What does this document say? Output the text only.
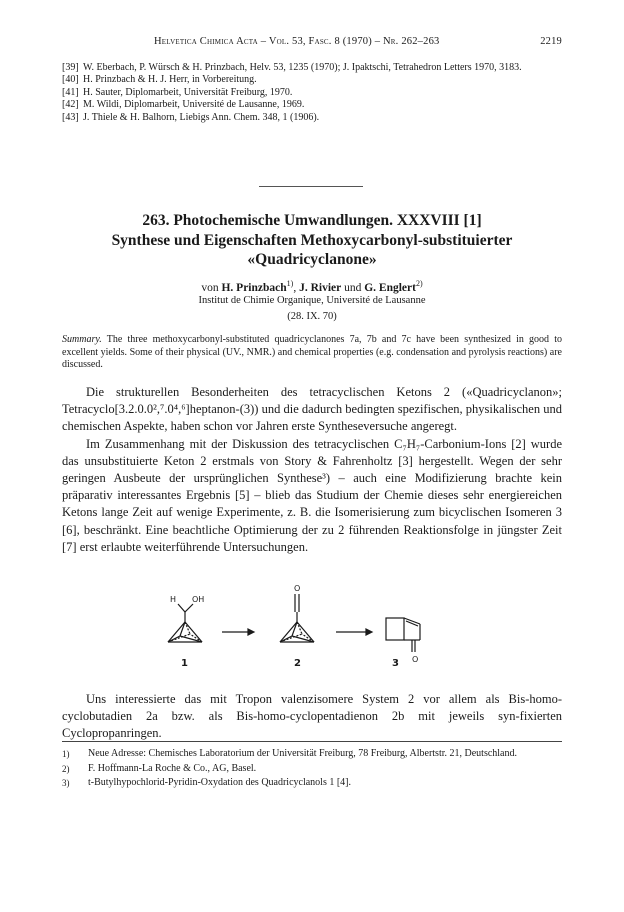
Helvetica Chimica Acta – Vol. 53, Fasc. 8 (1970) – Nr. 262–263	2219
[39] W. Eberbach, P. Würsch & H. Prinzbach, Helv. 53, 1235 (1970); J. Ipaktschi, Tetrahedron Letters 1970, 3183.
[40] H. Prinzbach & H. J. Herr, in Vorbereitung.
[41] H. Sauter, Diplomarbeit, Universität Freiburg, 1970.
[42] M. Wildi, Diplomarbeit, Université de Lausanne, 1969.
[43] J. Thiele & H. Balhorn, Liebigs Ann. Chem. 348, 1 (1906).
263. Photochemische Umwandlungen. XXXVIII [1]
Synthese und Eigenschaften Methoxycarbonyl-substituierter
«Quadricyclanone»
von H. Prinzbach$^{1)}$, J. Rivier und G. Englert$^{2)}$
Institut de Chimie Organique, Université de Lausanne
(28. IX. 70)
Summary. The three methoxycarbonyl-substituted quadricyclanones 7a, 7b and 7c have been synthesized in good to excellent yields. Some of their physical (UV., NMR.) and chemical properties (e.g. condensation and pyrolysis reactions) are discussed.

Die strukturellen Besonderheiten des tetracyclischen Ketons 2 («Quadricyclanon»; Tetracyclo[3.2.0.0²,⁷.0⁴,⁶]heptanon-(3)) und die dadurch bedingten spezifischen, physikalischen und chemischen Aspekte, haben schon vor Jahren erste Syntheseversuche angeregt.

Im Zusammenhang mit der Diskussion des tetracyclischen C₇H₇-Carbonium-Ions [2] wurde das unsubstituierte Keton 2 erstmals von Story & Fahrenholtz [3] hergestellt. Wegen der sehr geringen Ausbeute der ursprünglichen Synthese³) – auch eine Modifizierung brachte kein präparativ interessantes Ergebnis [5] – blieb das Studium der Chemie dieses sehr energiereichen Ketons lange Zeit auf wenige Experimente, z. B. die Isomerisierung zum bicyclischen Isomeren 3 [6], beschränkt. Eine beachtliche Optimierung der zu 2 führenden Reaktionsfolge in jüngster Zeit [7] erst erlaubte weiterführende Untersuchungen.

H OH
1
O
2	O
3

Uns interessierte das mit Tropon valenzisomere System 2 vor allem als Bis-homo-cyclobutadien 2a bzw. als Bis-homo-cyclopentadienon 2b mit jeweils syn-fixierten Cyclopropanringen.

1) Neue Adresse: Chemisches Laboratorium der Universität Freiburg, 78 Freiburg, Albertstr. 21, Deutschland.
2) F. Hoffmann-La Roche & Co., AG, Basel.
3) t-Butylhypochlorid-Pyridin-Oxydation des Quadricyclanols 1 [4].
